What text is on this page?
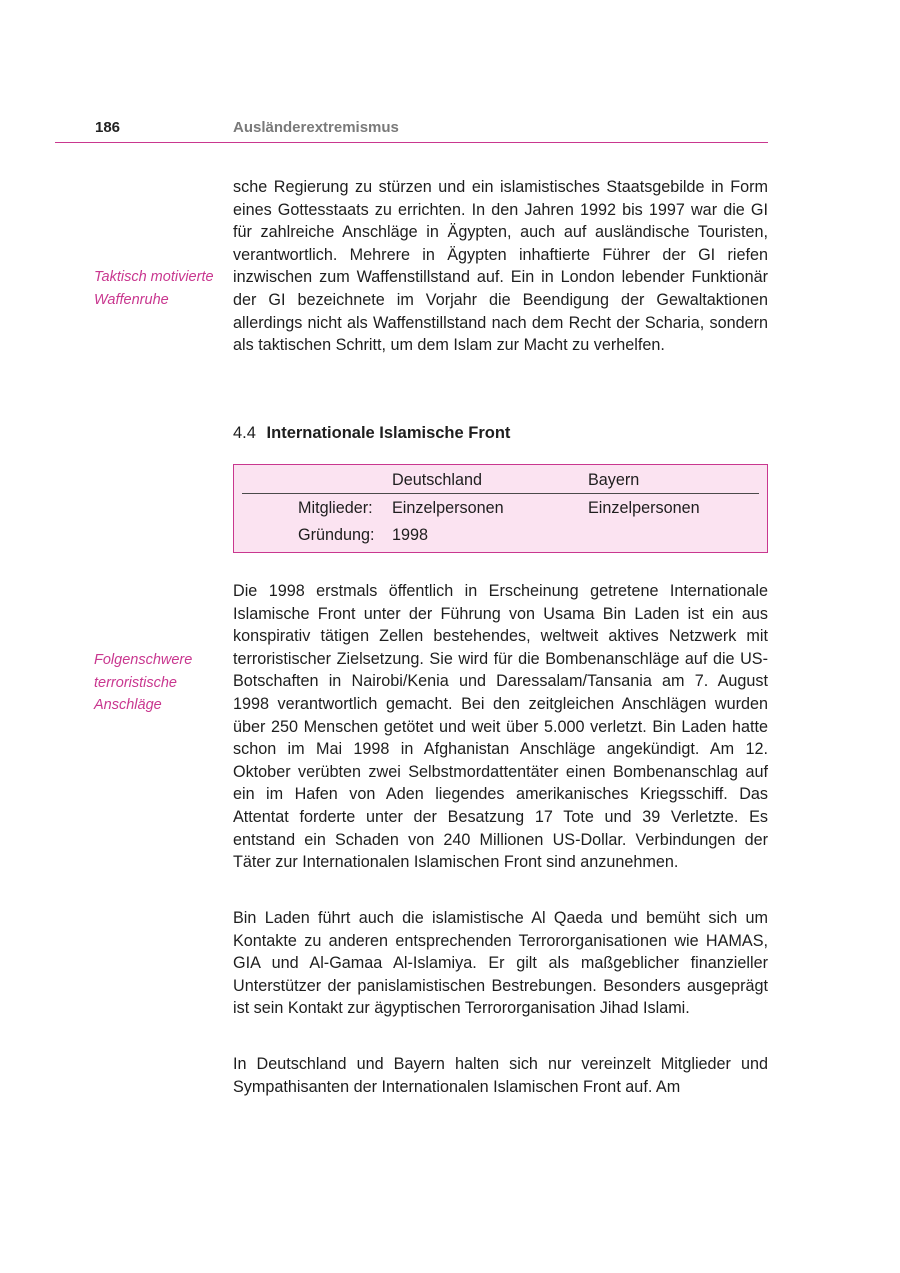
186	Ausländerextremismus

Taktisch motivierte Waffenruhe

sche Regierung zu stürzen und ein islamistisches Staatsgebilde in Form eines Gottesstaats zu errichten. In den Jahren 1992 bis 1997 war die GI für zahlreiche Anschläge in Ägypten, auch auf ausländische Touristen, verantwortlich. Mehrere in Ägypten inhaftierte Führer der GI riefen inzwischen zum Waffenstillstand auf. Ein in London lebender Funktionär der GI bezeichnete im Vorjahr die Beendigung der Gewaltaktionen allerdings nicht als Waffenstillstand nach dem Recht der Scharia, sondern als taktischen Schritt, um dem Islam zur Macht zu verhelfen.

4.4 Internationale Islamische Front
Deutschland	Bayern
Mitglieder: Einzelpersonen	Einzelpersonen
Gründung: 1998

Folgenschwere terroristische Anschläge

Die 1998 erstmals öffentlich in Erscheinung getretene Internationale Islamische Front unter der Führung von Usama Bin Laden ist ein aus konspirativ tätigen Zellen bestehendes, weltweit aktives Netzwerk mit terroristischer Zielsetzung. Sie wird für die Bombenanschläge auf die US-Botschaften in Nairobi/Kenia und Daressalam/Tansania am 7. August 1998 verantwortlich gemacht. Bei den zeitgleichen Anschlägen wurden über 250 Menschen getötet und weit über 5.000 verletzt. Bin Laden hatte schon im Mai 1998 in Afghanistan Anschläge angekündigt. Am 12. Oktober verübten zwei Selbstmordattentäter einen Bombenanschlag auf ein im Hafen von Aden liegendes amerikanisches Kriegsschiff. Das Attentat forderte unter der Besatzung 17 Tote und 39 Verletzte. Es entstand ein Schaden von 240 Millionen US-Dollar. Verbindungen der Täter zur Internationalen Islamischen Front sind anzunehmen.

Bin Laden führt auch die islamistische Al Qaeda und bemüht sich um Kontakte zu anderen entsprechenden Terrororganisationen wie HAMAS, GIA und Al-Gamaa Al-Islamiya. Er gilt als maßgeblicher finanzieller Unterstützer der panislamistischen Bestrebungen. Besonders ausgeprägt ist sein Kontakt zur ägyptischen Terrororganisation Jihad Islami.

In Deutschland und Bayern halten sich nur vereinzelt Mitglieder und Sympathisanten der Internationalen Islamischen Front auf. Am
